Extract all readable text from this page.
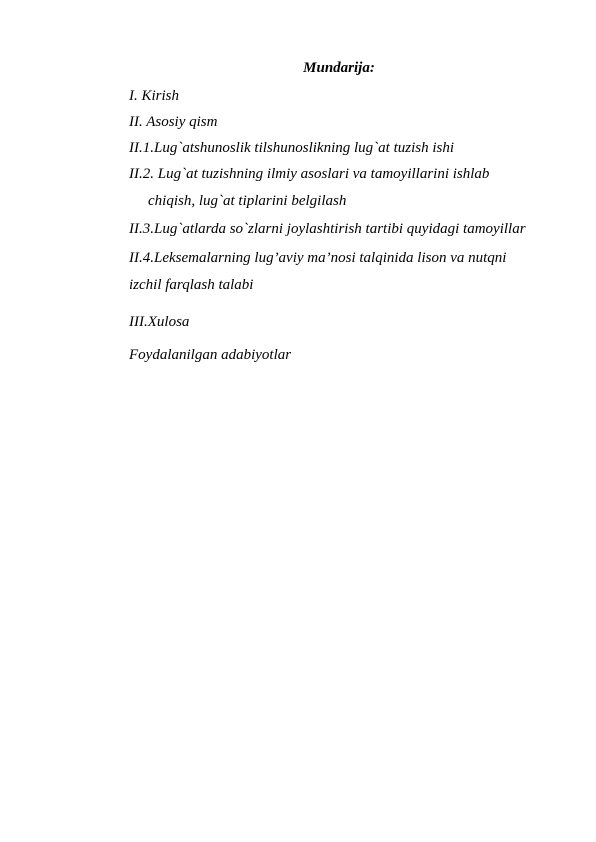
Mundarija:
I. Kirish
II. Asosiy qism
II.1.Lug`atshunoslik tilshunoslikning lug`at tuzish ishi
II.2. Lug`at tuzishning ilmiy asoslari va tamoyillarini ishlab
chiqish, lug`at tiplarini belgilash
II.3.Lug`atlarda so`zlarni joylashtirish tartibi quyidagi tamoyillar
II.4.Leksemalarning lug’aviy ma’nosi talqinida lison va nutqni
izchil farqlash talabi
III.Xulosa
Foydalanilgan adabiyotlar
